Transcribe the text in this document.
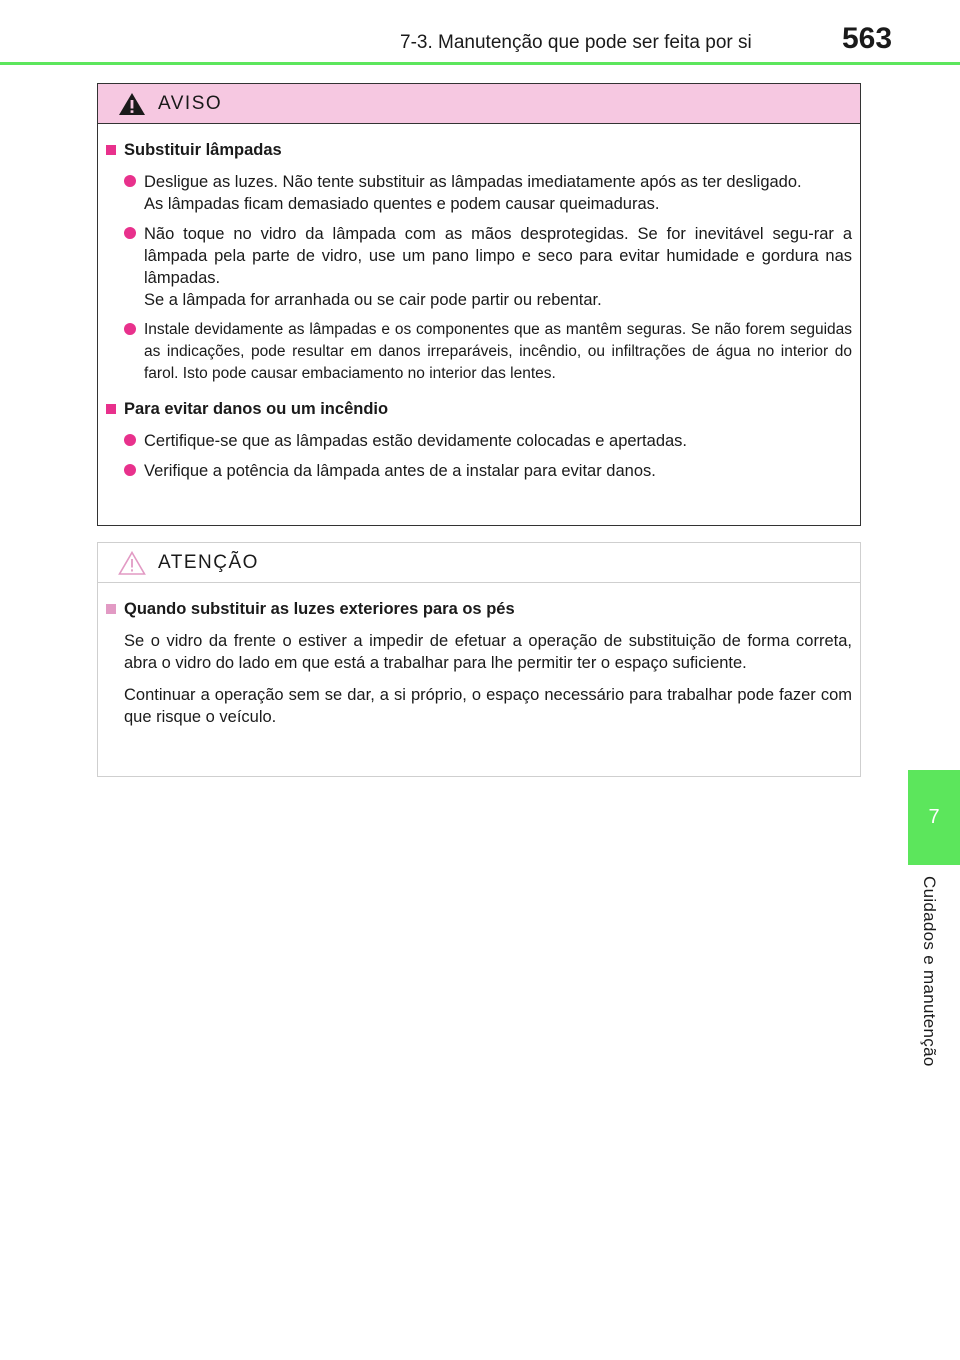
7-3. Manutenção que pode ser feita por si	563
7
Cuidados e manutenção
AVISO
Substituir lâmpadas

Desligue as luzes. Não tente substituir as lâmpadas imediatamente após as ter desligado.

As lâmpadas ficam demasiado quentes e podem causar queimaduras.

Não toque no vidro da lâmpada com as mãos desprotegidas. Se for inevitável segu-rar a lâmpada pela parte de vidro, use um pano limpo e seco para evitar humidade e gordura nas lâmpadas.

Se a lâmpada for arranhada ou se cair pode partir ou rebentar.

Instale devidamente as lâmpadas e os componentes que as mantêm seguras. Se não forem seguidas as indicações, pode resultar em danos irreparáveis, incêndio, ou infiltrações de água no interior do farol. Isto pode causar embaciamento no interior das lentes.

Para evitar danos ou um incêndio

Certifique-se que as lâmpadas estão devidamente colocadas e apertadas.

Verifique a potência da lâmpada antes de a instalar para evitar danos.

ATENÇÃO
Quando substituir as luzes exteriores para os pés

Se o vidro da frente o estiver a impedir de efetuar a operação de substituição de forma correta, abra o vidro do lado em que está a trabalhar para lhe permitir ter o espaço suficiente.

Continuar a operação sem se dar, a si próprio, o espaço necessário para trabalhar pode fazer com que risque o veículo.
